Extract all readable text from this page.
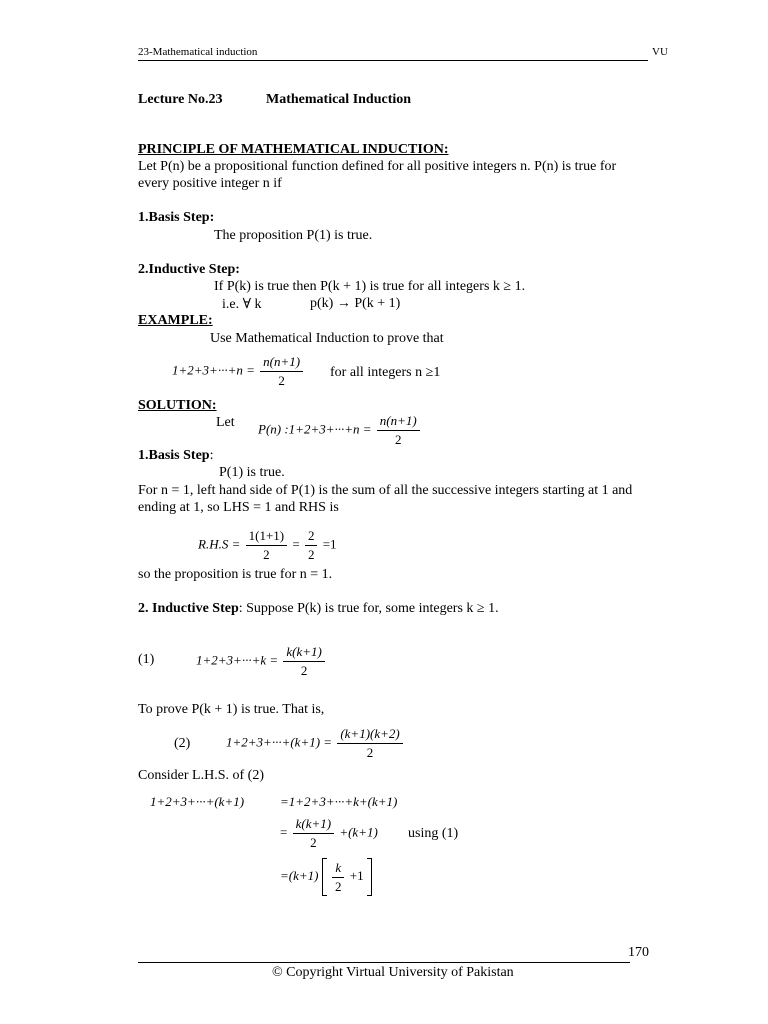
23-Mathematical induction	VU
Lecture No.23	Mathematical Induction
PRINCIPLE OF MATHEMATICAL INDUCTION:
Let P(n) be a propositional function defined for all positive integers n. P(n) is true for
every positive integer n if
1.Basis Step:
The proposition P(1) is true.
2.Inductive Step:
If P(k) is true then P(k + 1) is true for all integers k ≥ 1.
i.e. ∀ k	p(k) → P(k + 1)
EXAMPLE:
Use Mathematical Induction to prove that
$1+2+3+\cdot\cdot\cdot+n = \frac{n(n+1)}{2}$ for all integers n ≥1
SOLUTION:
Let P(n) :1+2+3+···+n = $\frac{n(n+1)}{2}$
1.Basis Step:
P(1) is true.
For n = 1, left hand side of P(1) is the sum of all the successive integers starting at 1 and
ending at 1, so LHS = 1 and RHS is
$R.H.S = \frac{1(1+1)}{2} = \frac{2}{2} =1$
so the proposition is true for n = 1.
2. Inductive Step: Suppose P(k) is true for, some integers k ≥ 1.
(1)	$1+2+3+\cdot\cdot\cdot+k = \frac{k(k+1)}{2}$
To prove P(k + 1) is true. That is,
(2)	$1+2+3+\cdot\cdot\cdot+(k+1) = \frac{(k+1)(k+2)}{2}$
Consider L.H.S. of (2)
1+2+3+···+(k+1)	=1+2+3+···+k+(k+1)
= $\frac{k(k+1)}{2} +(k+1)$ using (1)
$=(k+1) \frac{k}{2} +1$
170
© Copyright Virtual University of Pakistan
